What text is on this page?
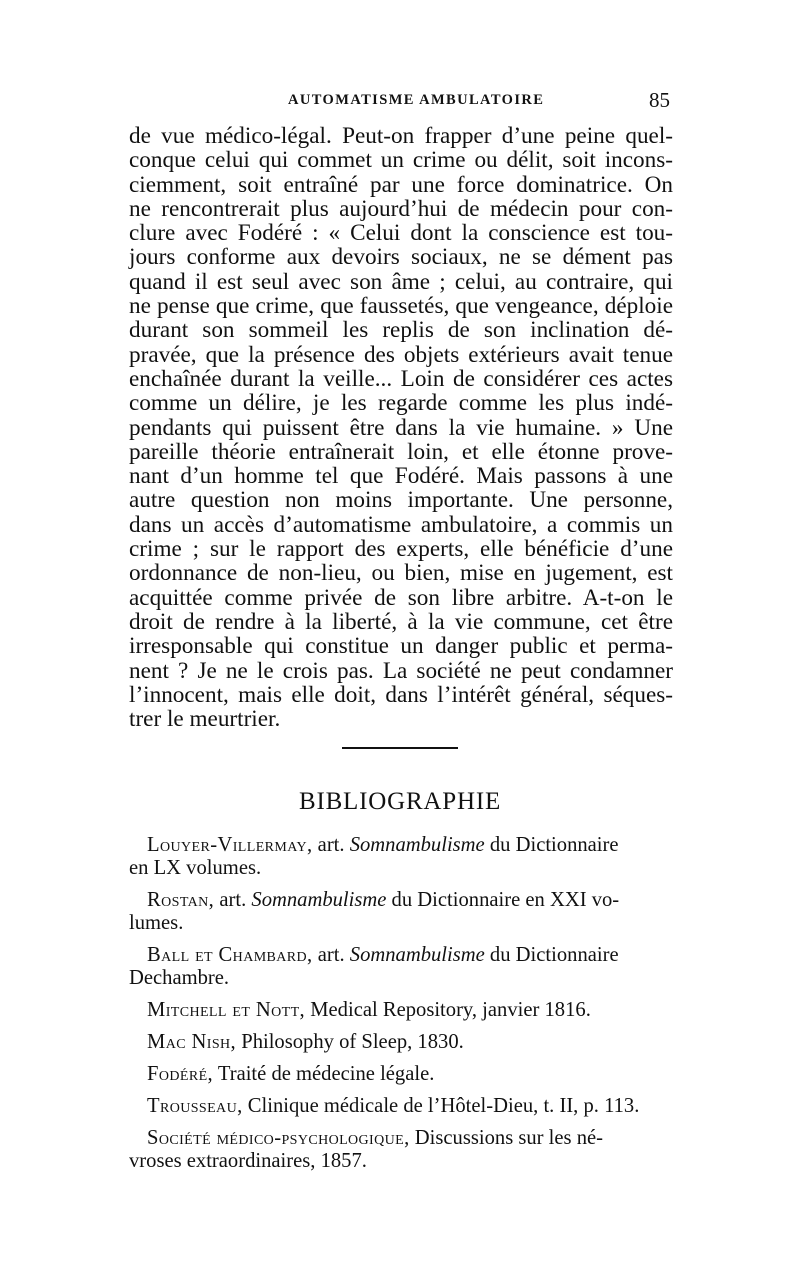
AUTOMATISME AMBULATOIRE	85
de vue médico-légal. Peut-on frapper d’une peine quel-
conque celui qui commet un crime ou délit, soit incons-
ciemment, soit entraîné par une force dominatrice. On
ne rencontrerait plus aujourd’hui de médecin pour con-
clure avec Fodéré : « Celui dont la conscience est tou-
jours conforme aux devoirs sociaux, ne se dément pas
quand il est seul avec son âme ; celui, au contraire, qui
ne pense que crime, que faussetés, que vengeance, déploie
durant son sommeil les replis de son inclination dé-
pravée, que la présence des objets extérieurs avait tenue
enchaînée durant la veille... Loin de considérer ces actes
comme un délire, je les regarde comme les plus indé-
pendants qui puissent être dans la vie humaine. » Une
pareille théorie entraînerait loin, et elle étonne prove-
nant d’un homme tel que Fodéré. Mais passons à une
autre question non moins importante. Une personne,
dans un accès d’automatisme ambulatoire, a commis un
crime ; sur le rapport des experts, elle bénéficie d’une
ordonnance de non-lieu, ou bien, mise en jugement, est
acquittée comme privée de son libre arbitre. A-t-on le
droit de rendre à la liberté, à la vie commune, cet être
irresponsable qui constitue un danger public et perma-
nent ? Je ne le crois pas. La société ne peut condamner
l’innocent, mais elle doit, dans l’intérêt général, séques-
trer le meurtrier.
BIBLIOGRAPHIE
Louyer-Villermay, art. Somnambulisme du Dictionnaire
en LX volumes.
Rostan, art. Somnambulisme du Dictionnaire en XXI vo-
lumes.
Ball et Chambard, art. Somnambulisme du Dictionnaire
Dechambre.
Mitchell et Nott, Medical Repository, janvier 1816.
Mac Nish, Philosophy of Sleep, 1830.
Fodéré, Traité de médecine légale.
Trousseau, Clinique médicale de l’Hôtel-Dieu, t. II, p. 113.
Société médico-psychologique, Discussions sur les né-
vroses extraordinaires, 1857.
